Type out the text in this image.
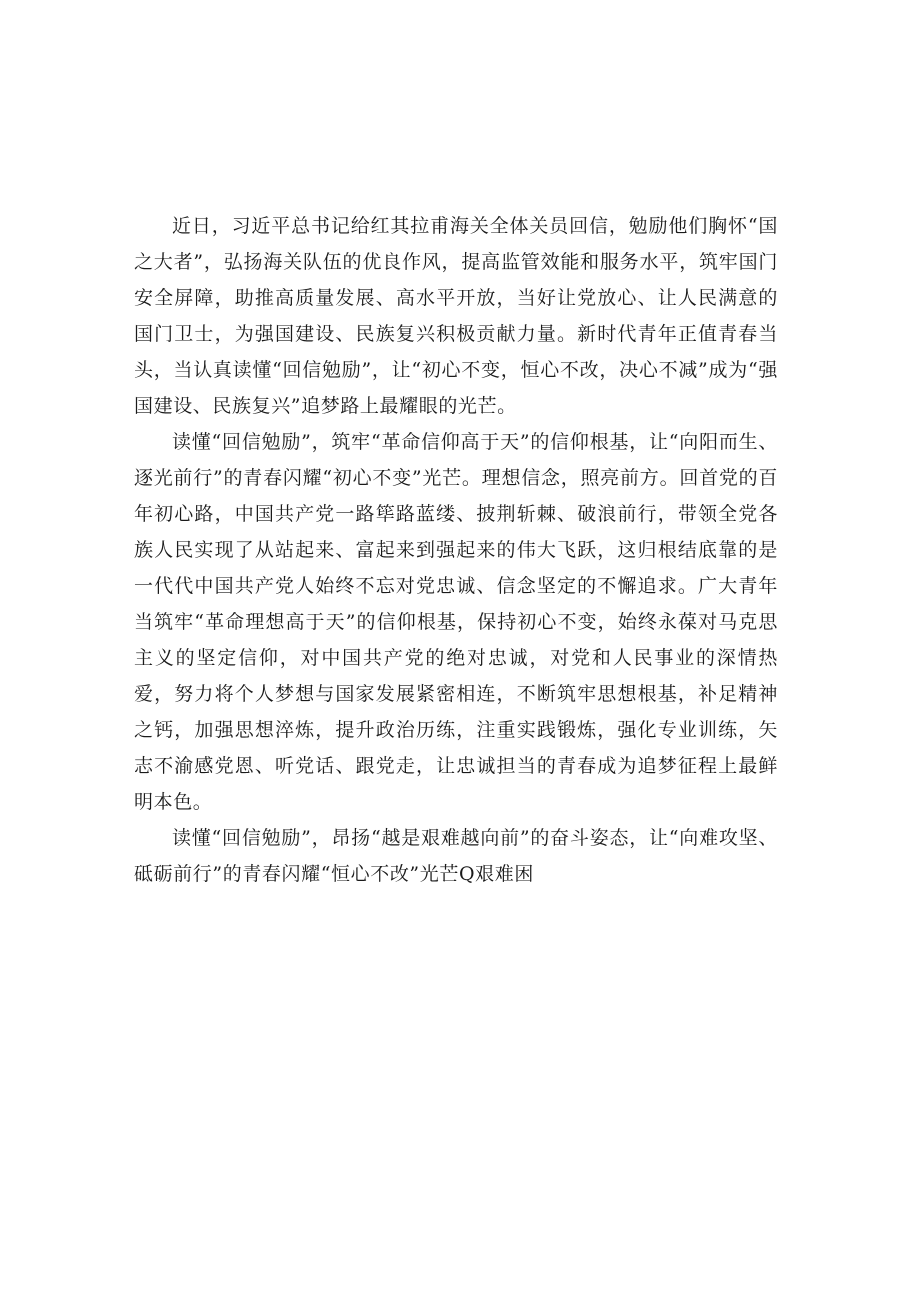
近日，习近平总书记给红其拉甫海关全体关员回信，勉励他们胸怀“国之大者”，弘扬海关队伍的优良作风，提高监管效能和服务水平，筑牢国门安全屏障，助推高质量发展、高水平开放，当好让党放心、让人民满意的国门卫士，为强国建设、民族复兴积极贡献力量。新时代青年正值青春当头，当认真读懂“回信勉励”，让“初心不变，恒心不改，决心不减”成为“强国建设、民族复兴”追梦路上最耀眼的光芒。

读懂“回信勉励”，筑牢“革命信仰高于天”的信仰根基，让“向阳而生、逐光前行”的青春闪耀“初心不变”光芒。理想信念，照亮前方。回首党的百年初心路，中国共产党一路筚路蓝缕、披荆斩棘、破浪前行，带领全党各族人民实现了从站起来、富起来到强起来的伟大飞跃，这归根结底靠的是一代代中国共产党人始终不忘对党忠诚、信念坚定的不懈追求。广大青年当筑牢“革命理想高于天”的信仰根基，保持初心不变，始终永葆对马克思主义的坚定信仰，对中国共产党的绝对忠诚，对党和人民事业的深情热爱，努力将个人梦想与国家发展紧密相连，不断筑牢思想根基，补足精神之钙，加强思想淬炼，提升政治历练，注重实践锻炼，强化专业训练，矢志不渝感党恩、听党话、跟党走，让忠诚担当的青春成为追梦征程上最鲜明本色。

读懂“回信勉励”，昂扬“越是艰难越向前”的奋斗姿态，让“向难攻坚、砥砺前行”的青春闪耀“恒心不改”光芒Q艰难困
